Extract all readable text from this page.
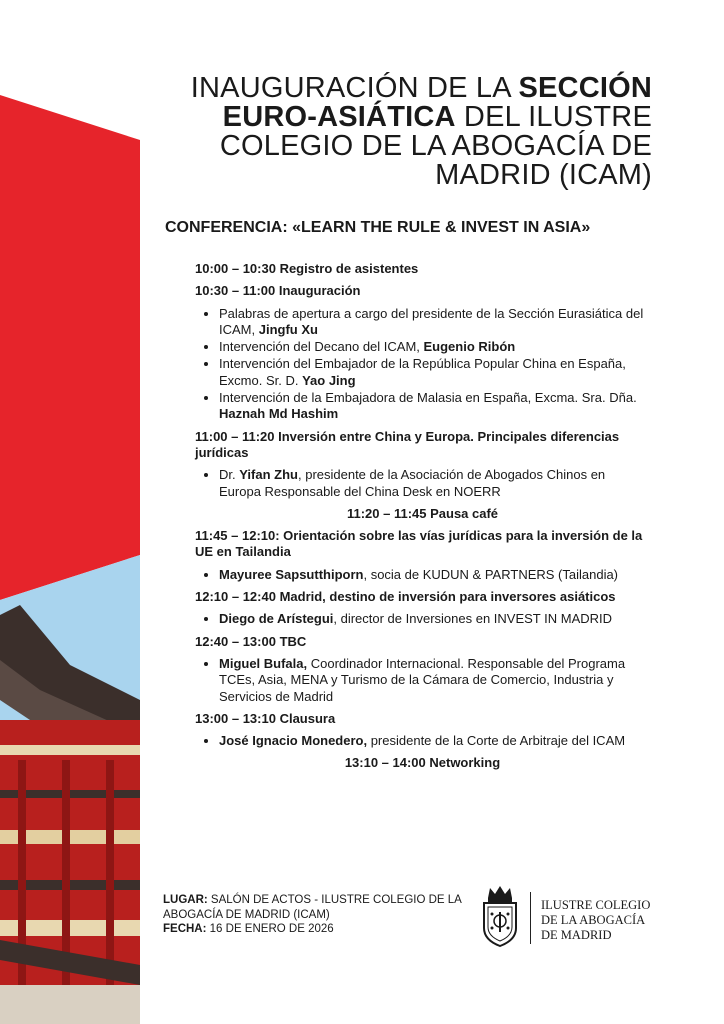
INAUGURACIÓN DE LA SECCIÓN
EURO-ASIÁTICA DEL ILUSTRE
COLEGIO DE LA ABOGACÍA DE
MADRID (ICAM)
CONFERENCIA: «LEARN THE RULE & INVEST IN ASIA»
10:00 – 10:30 Registro de asistentes
10:30 – 11:00 Inauguración
Palabras de apertura a cargo del presidente de la Sección Eurasiática del ICAM, Jingfu Xu
Intervención del Decano del ICAM, Eugenio Ribón
Intervención del Embajador de la República Popular China en España, Excmo. Sr. D. Yao Jing
Intervención de la Embajadora de Malasia en España, Excma. Sra. Dña. Haznah Md Hashim
11:00 – 11:20 Inversión entre China y Europa. Principales diferencias jurídicas
Dr. Yifan Zhu, presidente de la Asociación de Abogados Chinos en Europa Responsable del China Desk en NOERR
11:20 – 11:45 Pausa café
11:45 – 12:10: Orientación sobre las vías jurídicas para la inversión de la UE en Tailandia
Mayuree Sapsutthiporn, socia de KUDUN & PARTNERS (Tailandia)
12:10 – 12:40 Madrid, destino de inversión para inversores asiáticos
Diego de Arístegui, director de Inversiones en INVEST IN MADRID
12:40 – 13:00 TBC
Miguel Bufala, Coordinador Internacional. Responsable del Programa TCEs, Asia, MENA y Turismo de la Cámara de Comercio, Industria y Servicios de Madrid
13:00 – 13:10 Clausura
José Ignacio Monedero, presidente de la Corte de Arbitraje del ICAM
13:10 – 14:00 Networking
LUGAR: SALÓN DE ACTOS - ILUSTRE COLEGIO DE LA ABOGACÍA DE MADRID (ICAM)
FECHA: 16 DE ENERO DE 2026
ILUSTRE COLEGIO
DE LA ABOGACÍA
DE MADRID
